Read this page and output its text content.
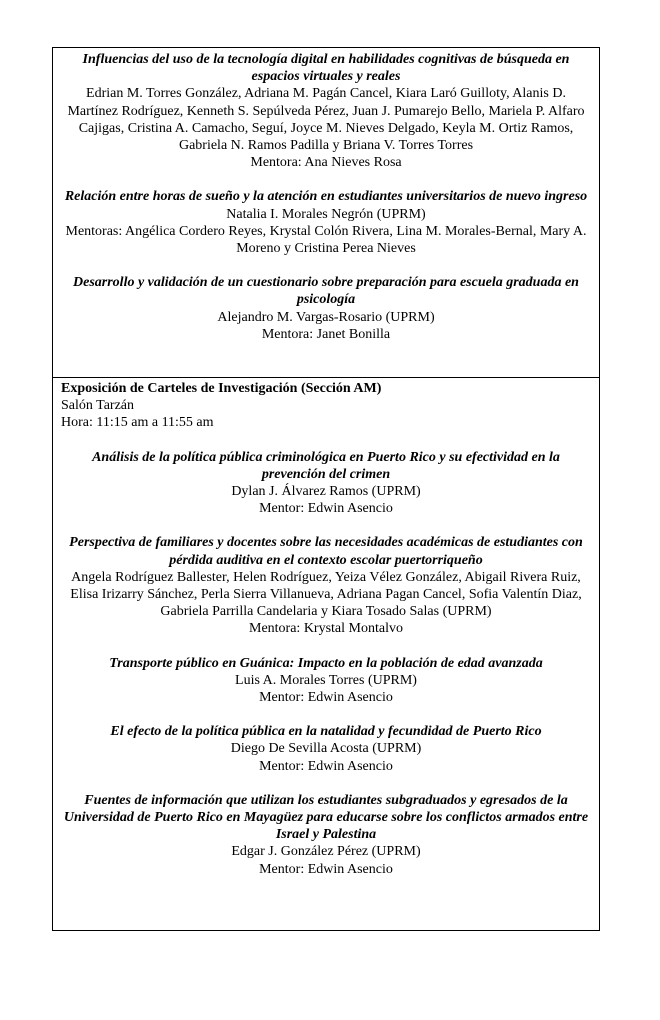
Influencias del uso de la tecnología digital en habilidades cognitivas de búsqueda en espacios virtuales y reales
Edrian M. Torres González, Adriana M. Pagán Cancel, Kiara Laró Guilloty, Alanis D. Martínez Rodríguez, Kenneth S. Sepúlveda Pérez, Juan J. Pumarejo Bello, Mariela P. Alfaro Cajigas, Cristina A. Camacho, Seguí, Joyce M. Nieves Delgado, Keyla M. Ortiz Ramos, Gabriela N. Ramos Padilla y Briana V. Torres Torres
Mentora: Ana Nieves Rosa
Relación entre horas de sueño y la atención en estudiantes universitarios de nuevo ingreso
Natalia I. Morales Negrón (UPRM)
Mentoras: Angélica Cordero Reyes, Krystal Colón Rivera, Lina M. Morales-Bernal, Mary A. Moreno y Cristina Perea Nieves
Desarrollo y validación de un cuestionario sobre preparación para escuela graduada en psicología
Alejandro M. Vargas-Rosario (UPRM)
Mentora: Janet Bonilla
Exposición de Carteles de Investigación (Sección AM)
Salón Tarzán
Hora: 11:15 am a 11:55 am
Análisis de la política pública criminológica en Puerto Rico y su efectividad en la prevención del crimen
Dylan J. Álvarez Ramos (UPRM)
Mentor: Edwin Asencio
Perspectiva de familiares y docentes sobre las necesidades académicas de estudiantes con pérdida auditiva en el contexto escolar puertorriqueño
Angela Rodríguez Ballester, Helen Rodríguez, Yeiza Vélez González, Abigail Rivera Ruiz, Elisa Irizarry Sánchez, Perla Sierra Villanueva, Adriana Pagan Cancel, Sofia Valentín Diaz, Gabriela Parrilla Candelaria y Kiara Tosado Salas (UPRM)
Mentora: Krystal Montalvo
Transporte público en Guánica: Impacto en la población de edad avanzada
Luis A. Morales Torres (UPRM)
Mentor: Edwin Asencio
El efecto de la política pública en la natalidad y fecundidad de Puerto Rico
Diego De Sevilla Acosta (UPRM)
Mentor: Edwin Asencio
Fuentes de información que utilizan los estudiantes subgraduados y egresados de la Universidad de Puerto Rico en Mayagüez para educarse sobre los conflictos armados entre Israel y Palestina
Edgar J. González Pérez (UPRM)
Mentor: Edwin Asencio
